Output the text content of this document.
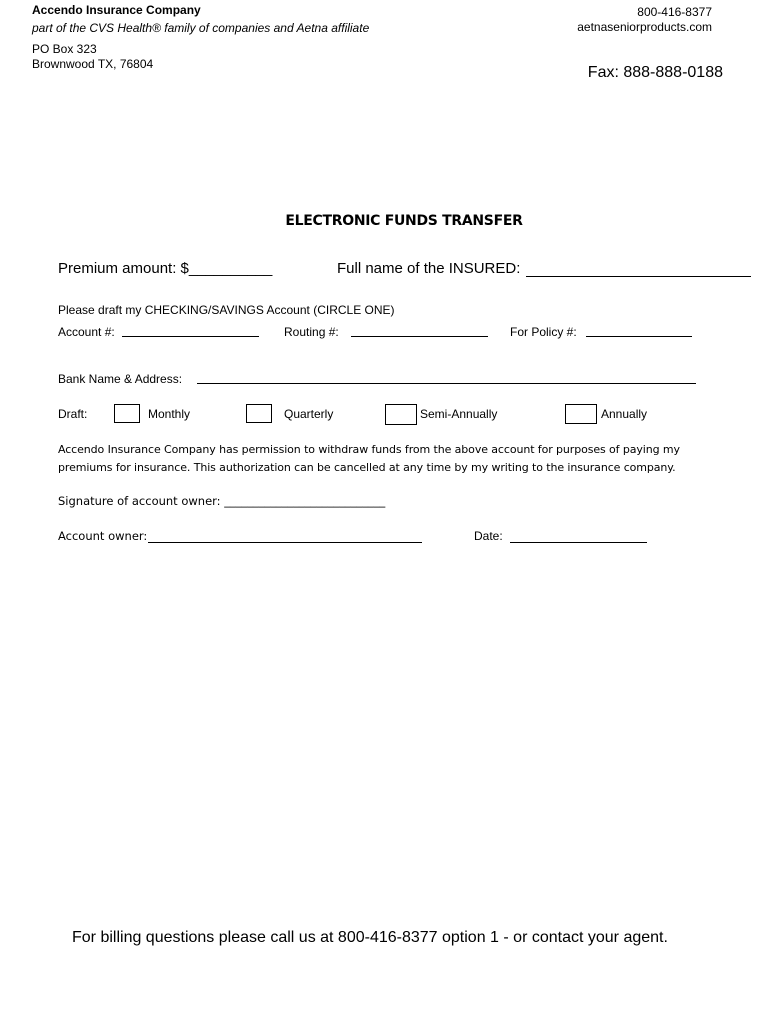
Accendo Insurance Company
part of the CVS Health® family of companies and Aetna affiliate
PO Box 323
Brownwood TX, 76804
800-416-8377
aetnaseniorproducts.com
Fax: 888-888-0188
ELECTRONIC FUNDS TRANSFER
Premium amount: $__________	Full name of the INSURED:
Please draft my CHECKING/SAVINGS Account (CIRCLE ONE)
Account #:	Routing #:	For Policy #:
Bank Name & Address:
Draft:	Monthly	Quarterly	Semi-Annually	Annually
Accendo Insurance Company has permission to withdraw funds from the above account for purposes of paying my premiums for insurance. This authorization can be cancelled at any time by my writing to the insurance company.
Signature of account owner: ____________________________
Account owner:	Date:
For billing questions please call us at 800-416-8377 option 1 - or contact your agent.
